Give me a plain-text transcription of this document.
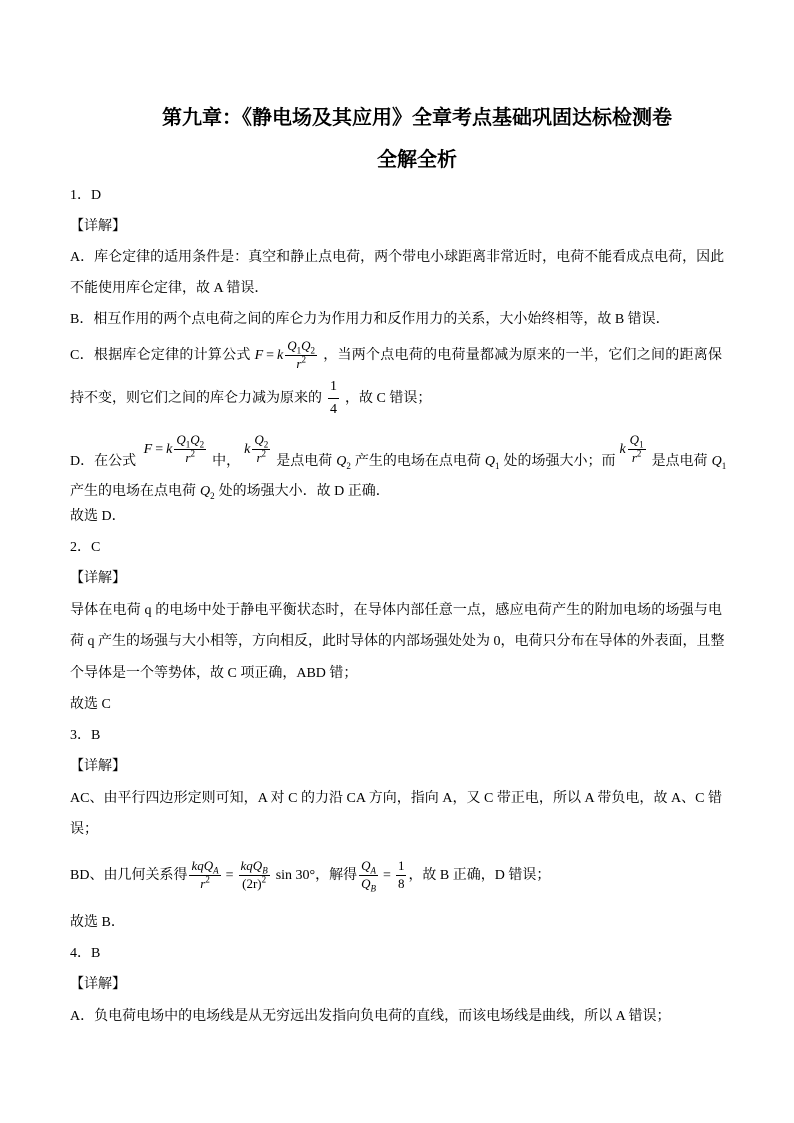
第九章：《静电场及其应用》全章考点基础巩固达标检测卷
全解全析
1．D
【详解】
A．库仑定律的适用条件是：真空和静止点电荷，两个带电小球距离非常近时，电荷不能看成点电荷，因此
不能使用库仑定律，故 A 错误．
B．相互作用的两个点电荷之间的库仑力为作用力和反作用力的关系，大小始终相等，故 B 错误．
C．根据库仑定律的计算公式 F = k $\frac{Q_1Q_2}{r^2}$ ，当两个点电荷的电荷量都减为原来的一半，它们之间的距离保
持不变，则它们之间的库仑力减为原来的 $\frac{1}{4}$ ，故 C 错误；
D．在公式 F = k $\frac{Q_1Q_2}{r^2}$ 中，k $\frac{Q_2}{r^2}$ 是点电荷 $Q_2$ 产生的电场在点电荷 $Q_1$ 处的场强大小；而k $\frac{Q_1}{r^2}$ 是点电荷 $Q_1$
产生的电场在点电荷 $Q_2$ 处的场强大小．故 D 正确．
故选 D．
2．C
【详解】
导体在电荷 q 的电场中处于静电平衡状态时，在导体内部任意一点，感应电荷产生的附加电场的场强与电
荷 q 产生的场强与大小相等，方向相反，此时导体的内部场强处处为 0，电荷只分布在导体的外表面，且整
个导体是一个等势体，故 C 项正确，ABD 错；
故选 C
3．B
【详解】
AC、由平行四边形定则可知，A 对 C 的力沿 CA 方向，指向 A，又 C 带正电，所以 A 带负电，故 A、C 错
误；
BD、由几何关系得 $\frac{kqQ_A}{r^2} = \frac{kqQ_B}{(2r)^2}$ sin 30°，解得 $\frac{Q_A}{Q_B} = \frac{1}{8}$ ，故 B 正确，D 错误；
故选 B．
4．B
【详解】
A．负电荷电场中的电场线是从无穷远出发指向负电荷的直线，而该电场线是曲线，所以 A 错误；
